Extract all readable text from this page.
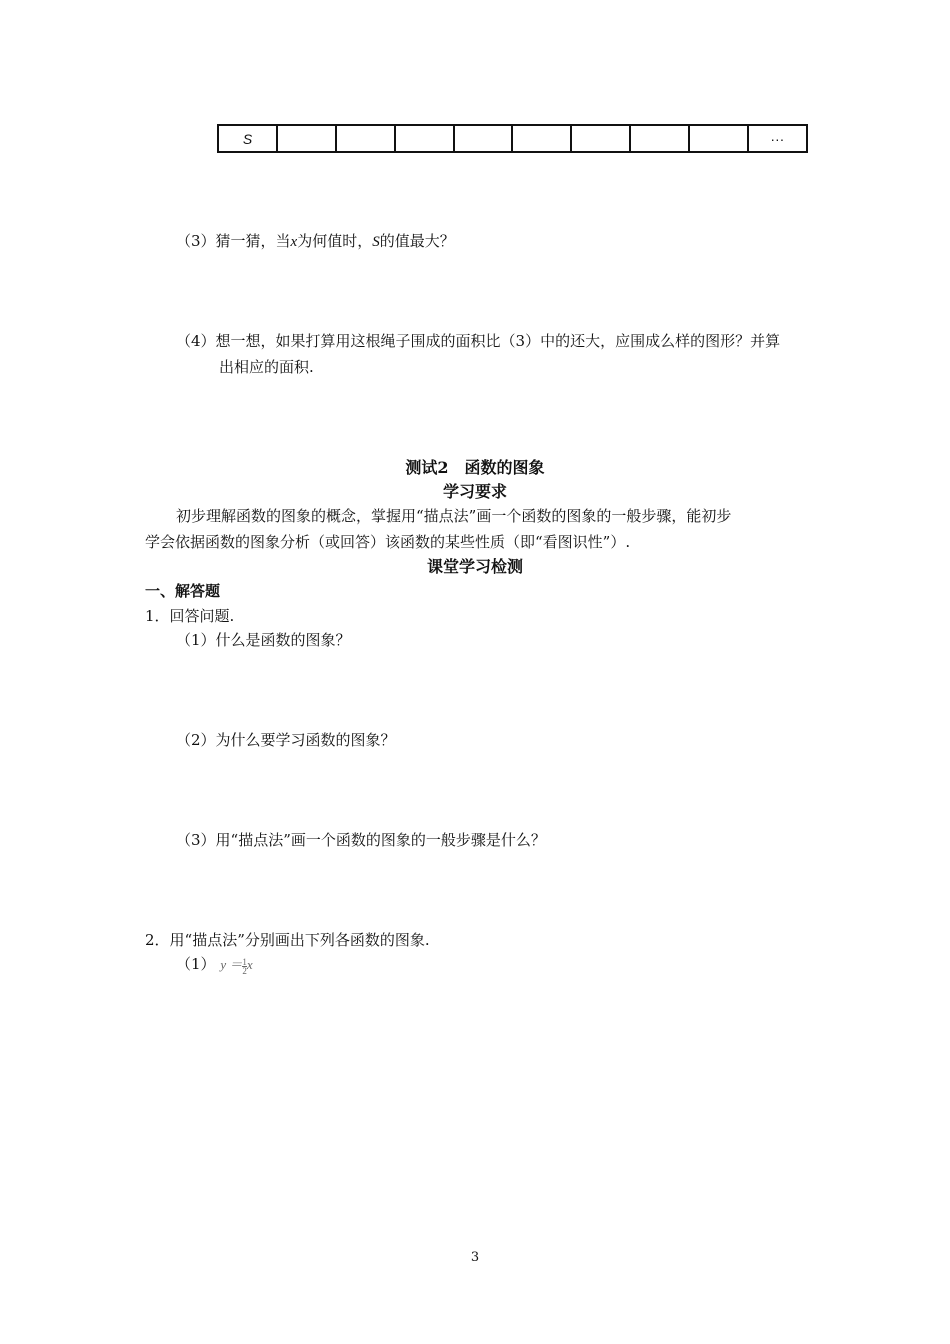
S									···
（3）猜一猜，当x为何值时，S的值最大？
（4）想一想，如果打算用这根绳子围成的面积比（3）中的还大，应围成么样的图形？并算
出相应的面积.
测试2　函数的图象
学习要求
初步理解函数的图象的概念，掌握用“描点法”画一个函数的图象的一般步骤，能初步
学会依据函数的图象分析（或回答）该函数的某些性质（即“看图识性”）.
课堂学习检测
一、解答题
1．回答问题.
（1）什么是函数的图象？
（2）为什么要学习函数的图象？
（3）用“描点法”画一个函数的图象的一般步骤是什么？
2．用“描点法”分别画出下列各函数的图象.
（1） $y = \frac{1}{2}$ x
3
